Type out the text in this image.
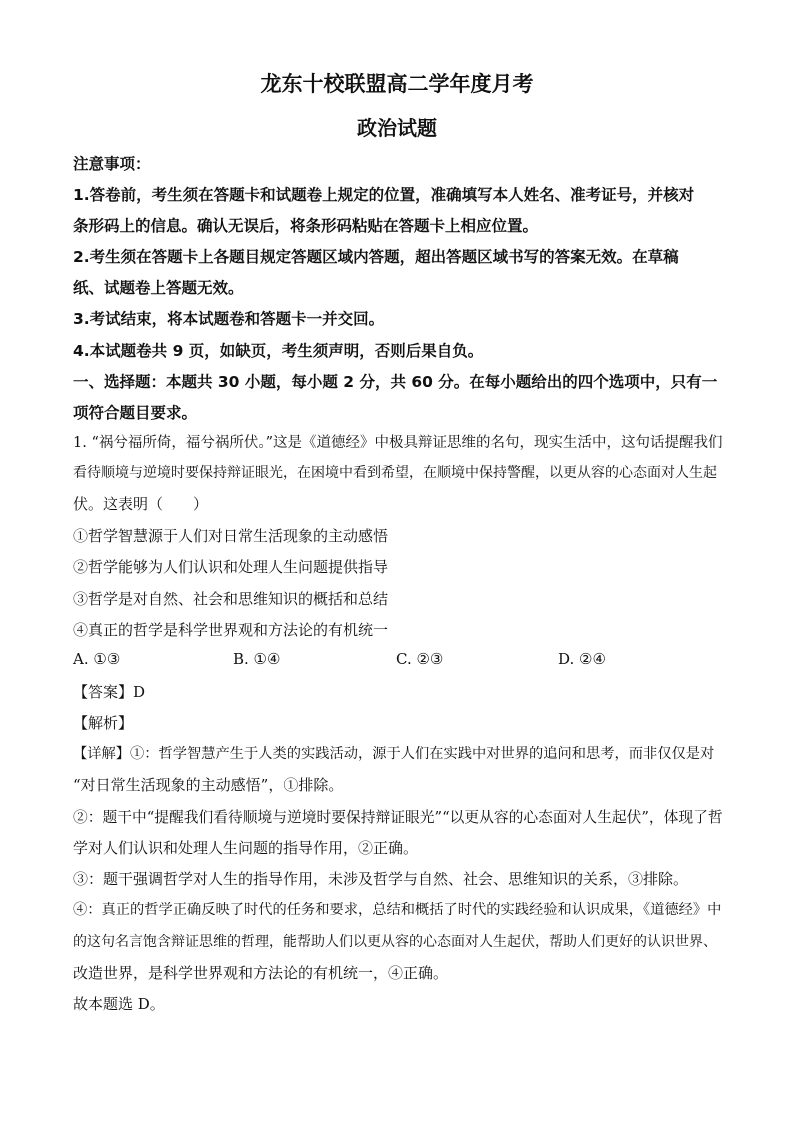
龙东十校联盟高二学年度月考
政治试题
注意事项：
1.答卷前，考生须在答题卡和试题卷上规定的位置，准确填写本人姓名、准考证号，并核对
条形码上的信息。确认无误后，将条形码粘贴在答题卡上相应位置。
2.考生须在答题卡上各题目规定答题区域内答题，超出答题区域书写的答案无效。在草稿
纸、试题卷上答题无效。
3.考试结束，将本试题卷和答题卡一并交回。
4.本试题卷共 9 页，如缺页，考生须声明，否则后果自负。
一、选择题：本题共 30 小题，每小题 2 分，共 60 分。在每小题给出的四个选项中，只有一
项符合题目要求。
1. “祸兮福所倚，福兮祸所伏。”这是《道德经》中极具辩证思维的名句，现实生活中，这句话提醒我们
看待顺境与逆境时要保持辩证眼光，在困境中看到希望，在顺境中保持警醒，以更从容的心态面对人生起
伏。这表明（　　）
①哲学智慧源于人们对日常生活现象的主动感悟
②哲学能够为人们认识和处理人生问题提供指导
③哲学是对自然、社会和思维知识的概括和总结
④真正的哲学是科学世界观和方法论的有机统一
A. ①③	B. ①④	C. ②③	D. ②④
【答案】D
【解析】
【详解】①：哲学智慧产生于人类的实践活动，源于人们在实践中对世界的追问和思考，而非仅仅是对
“对日常生活现象的主动感悟”，①排除。
②：题干中“提醒我们看待顺境与逆境时要保持辩证眼光”“以更从容的心态面对人生起伏”，体现了哲
学对人们认识和处理人生问题的指导作用，②正确。
③：题干强调哲学对人生的指导作用，未涉及哲学与自然、社会、思维知识的关系，③排除。
④：真正的哲学正确反映了时代的任务和要求，总结和概括了时代的实践经验和认识成果，《道德经》中
的这句名言饱含辩证思维的哲理，能帮助人们以更从容的心态面对人生起伏，帮助人们更好的认识世界、
改造世界，是科学世界观和方法论的有机统一，④正确。
故本题选 D。
